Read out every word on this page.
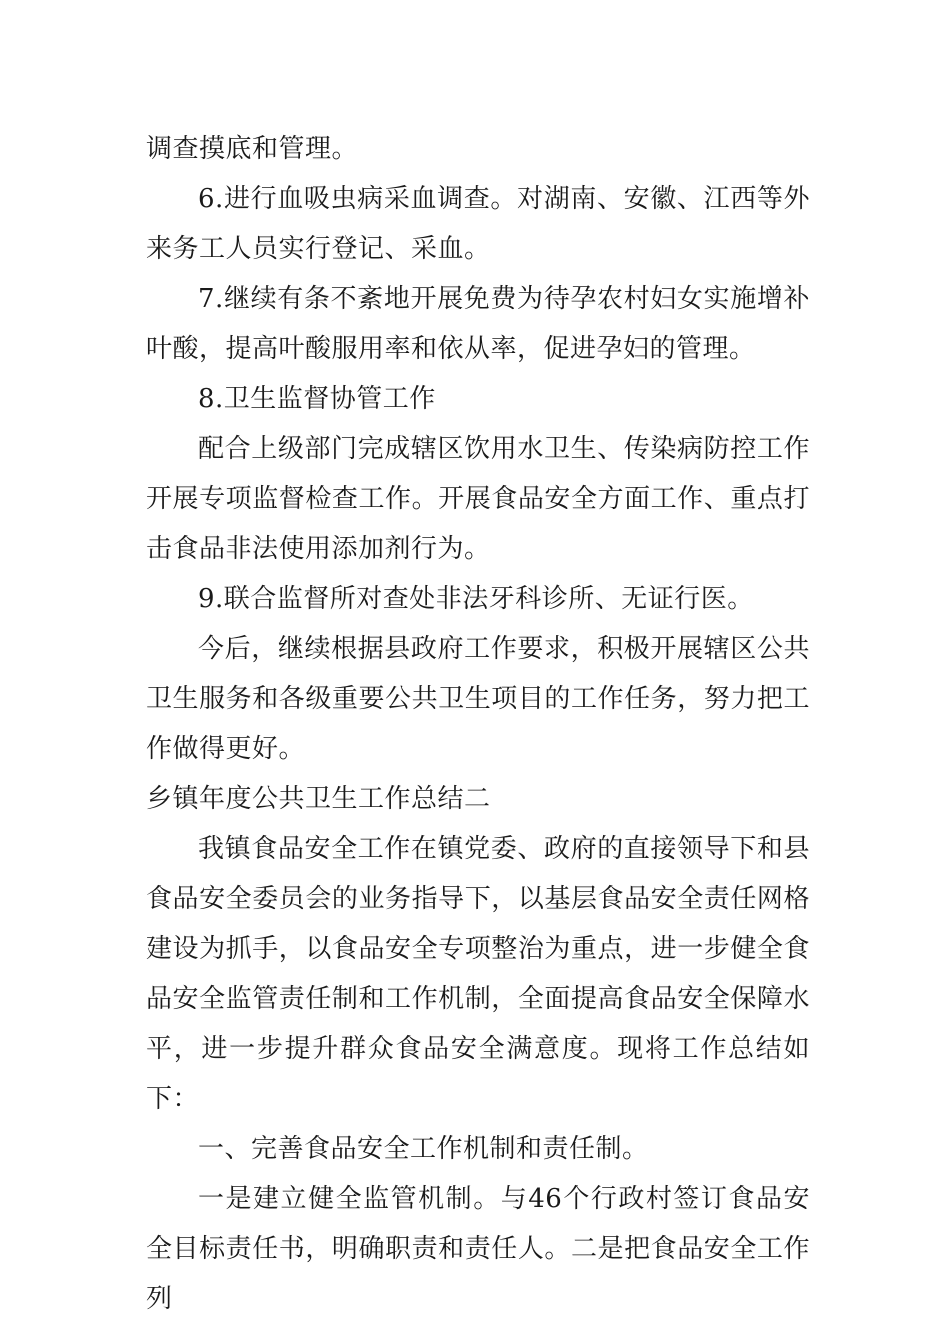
调查摸底和管理。

6.进行血吸虫病采血调查。对湖南、安徽、江西等外来务工人员实行登记、采血。

7.继续有条不紊地开展免费为待孕农村妇女实施增补叶酸，提高叶酸服用率和依从率，促进孕妇的管理。

8.卫生监督协管工作

配合上级部门完成辖区饮用水卫生、传染病防控工作开展专项监督检查工作。开展食品安全方面工作、重点打击食品非法使用添加剂行为。

9.联合监督所对查处非法牙科诊所、无证行医。

今后，继续根据县政府工作要求，积极开展辖区公共卫生服务和各级重要公共卫生项目的工作任务，努力把工作做得更好。

乡镇年度公共卫生工作总结二

我镇食品安全工作在镇党委、政府的直接领导下和县食品安全委员会的业务指导下，以基层食品安全责任网格建设为抓手，以食品安全专项整治为重点，进一步健全食品安全监管责任制和工作机制，全面提高食品安全保障水平，进一步提升群众食品安全满意度。现将工作总结如下：

一、完善食品安全工作机制和责任制。

一是建立健全监管机制。与46个行政村签订食品安全目标责任书，明确职责和责任人。二是把食品安全工作列
